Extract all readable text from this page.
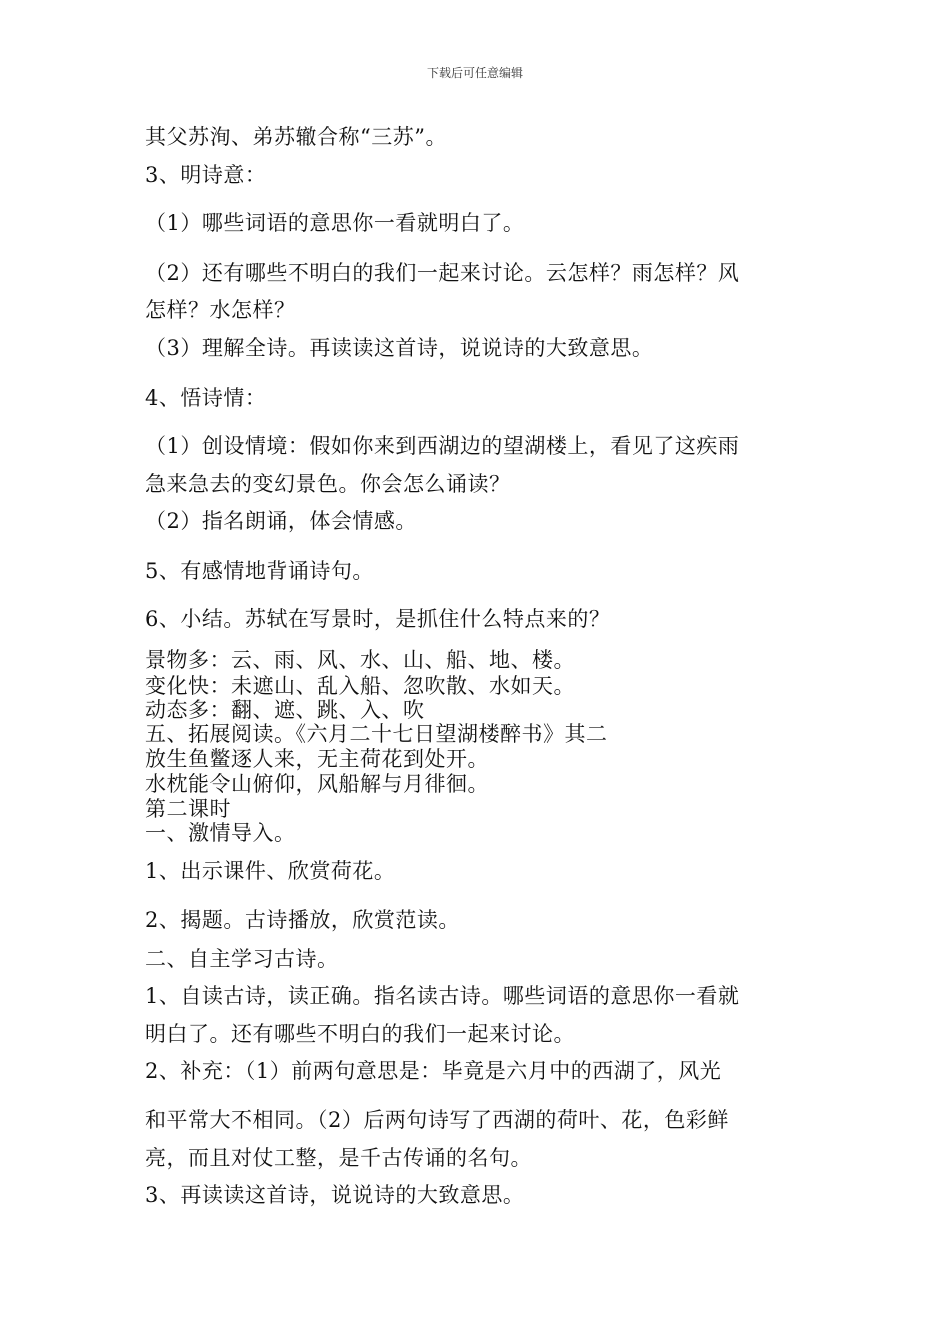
下载后可任意编辑
其父苏洵、弟苏辙合称“三苏”。
3、明诗意：
（1）哪些词语的意思你一看就明白了。
（2）还有哪些不明白的我们一起来讨论。云怎样？雨怎样？风
怎样？水怎样？
（3）理解全诗。再读读这首诗，说说诗的大致意思。
4、悟诗情：
（1）创设情境：假如你来到西湖边的望湖楼上，看见了这疾雨
急来急去的变幻景色。你会怎么诵读？
（2）指名朗诵，体会情感。
5、有感情地背诵诗句。
6、小结。苏轼在写景时，是抓住什么特点来的？
景物多：云、雨、风、水、山、船、地、楼。
变化快：未遮山、乱入船、忽吹散、水如天。
动态多：翻、遮、跳、入、吹
五、拓展阅读。《六月二十七日望湖楼醉书》其二
放生鱼鳖逐人来，无主荷花到处开。
水枕能令山俯仰，风船解与月徘徊。
第二课时
一、激情导入。
1、出示课件、欣赏荷花。
2、揭题。古诗播放，欣赏范读。
二、自主学习古诗。
1、自读古诗，读正确。指名读古诗。哪些词语的意思你一看就
明白了。还有哪些不明白的我们一起来讨论。
2、补充：（1）前两句意思是：毕竟是六月中的西湖了，风光
和平常大不相同。（2）后两句诗写了西湖的荷叶、花，色彩鲜
亮，而且对仗工整，是千古传诵的名句。
3、再读读这首诗，说说诗的大致意思。
